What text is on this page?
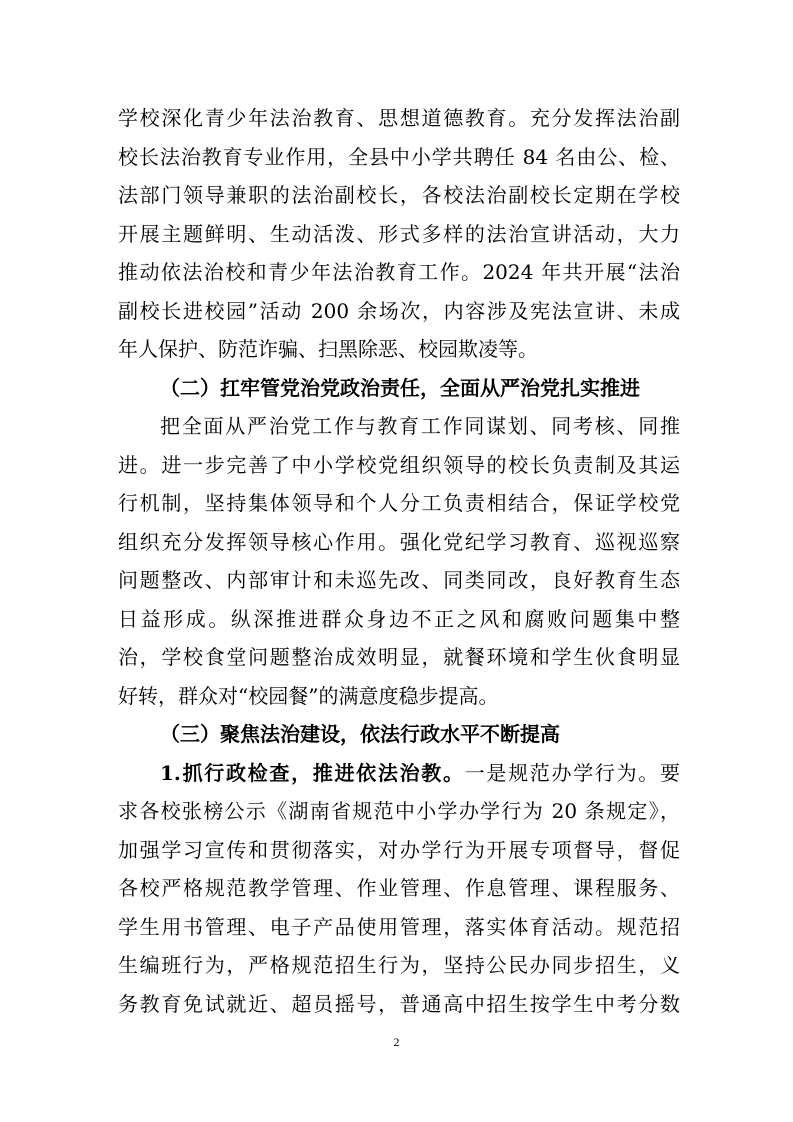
学校深化青少年法治教育、思想道德教育。充分发挥法治副
校长法治教育专业作用，全县中小学共聘任 84 名由公、检、
法部门领导兼职的法治副校长，各校法治副校长定期在学校
开展主题鲜明、生动活泼、形式多样的法治宣讲活动，大力
推动依法治校和青少年法治教育工作。2024 年共开展“法治
副校长进校园”活动 200 余场次，内容涉及宪法宣讲、未成
年人保护、防范诈骗、扫黑除恶、校园欺凌等。
（二）扛牢管党治党政治责任，全面从严治党扎实推进
把全面从严治党工作与教育工作同谋划、同考核、同推
进。进一步完善了中小学校党组织领导的校长负责制及其运
行机制，坚持集体领导和个人分工负责相结合，保证学校党
组织充分发挥领导核心作用。强化党纪学习教育、巡视巡察
问题整改、内部审计和未巡先改、同类同改，良好教育生态
日益形成。纵深推进群众身边不正之风和腐败问题集中整
治，学校食堂问题整治成效明显，就餐环境和学生伙食明显
好转，群众对“校园餐”的满意度稳步提高。
（三）聚焦法治建设，依法行政水平不断提高
1.抓行政检查，推进依法治教。一是规范办学行为。要
求各校张榜公示《湖南省规范中小学办学行为 20 条规定》，
加强学习宣传和贯彻落实，对办学行为开展专项督导，督促
各校严格规范教学管理、作业管理、作息管理、课程服务、
学生用书管理、电子产品使用管理，落实体育活动。规范招
生编班行为，严格规范招生行为，坚持公民办同步招生，义
务教育免试就近、超员摇号，普通高中招生按学生中考分数
2
